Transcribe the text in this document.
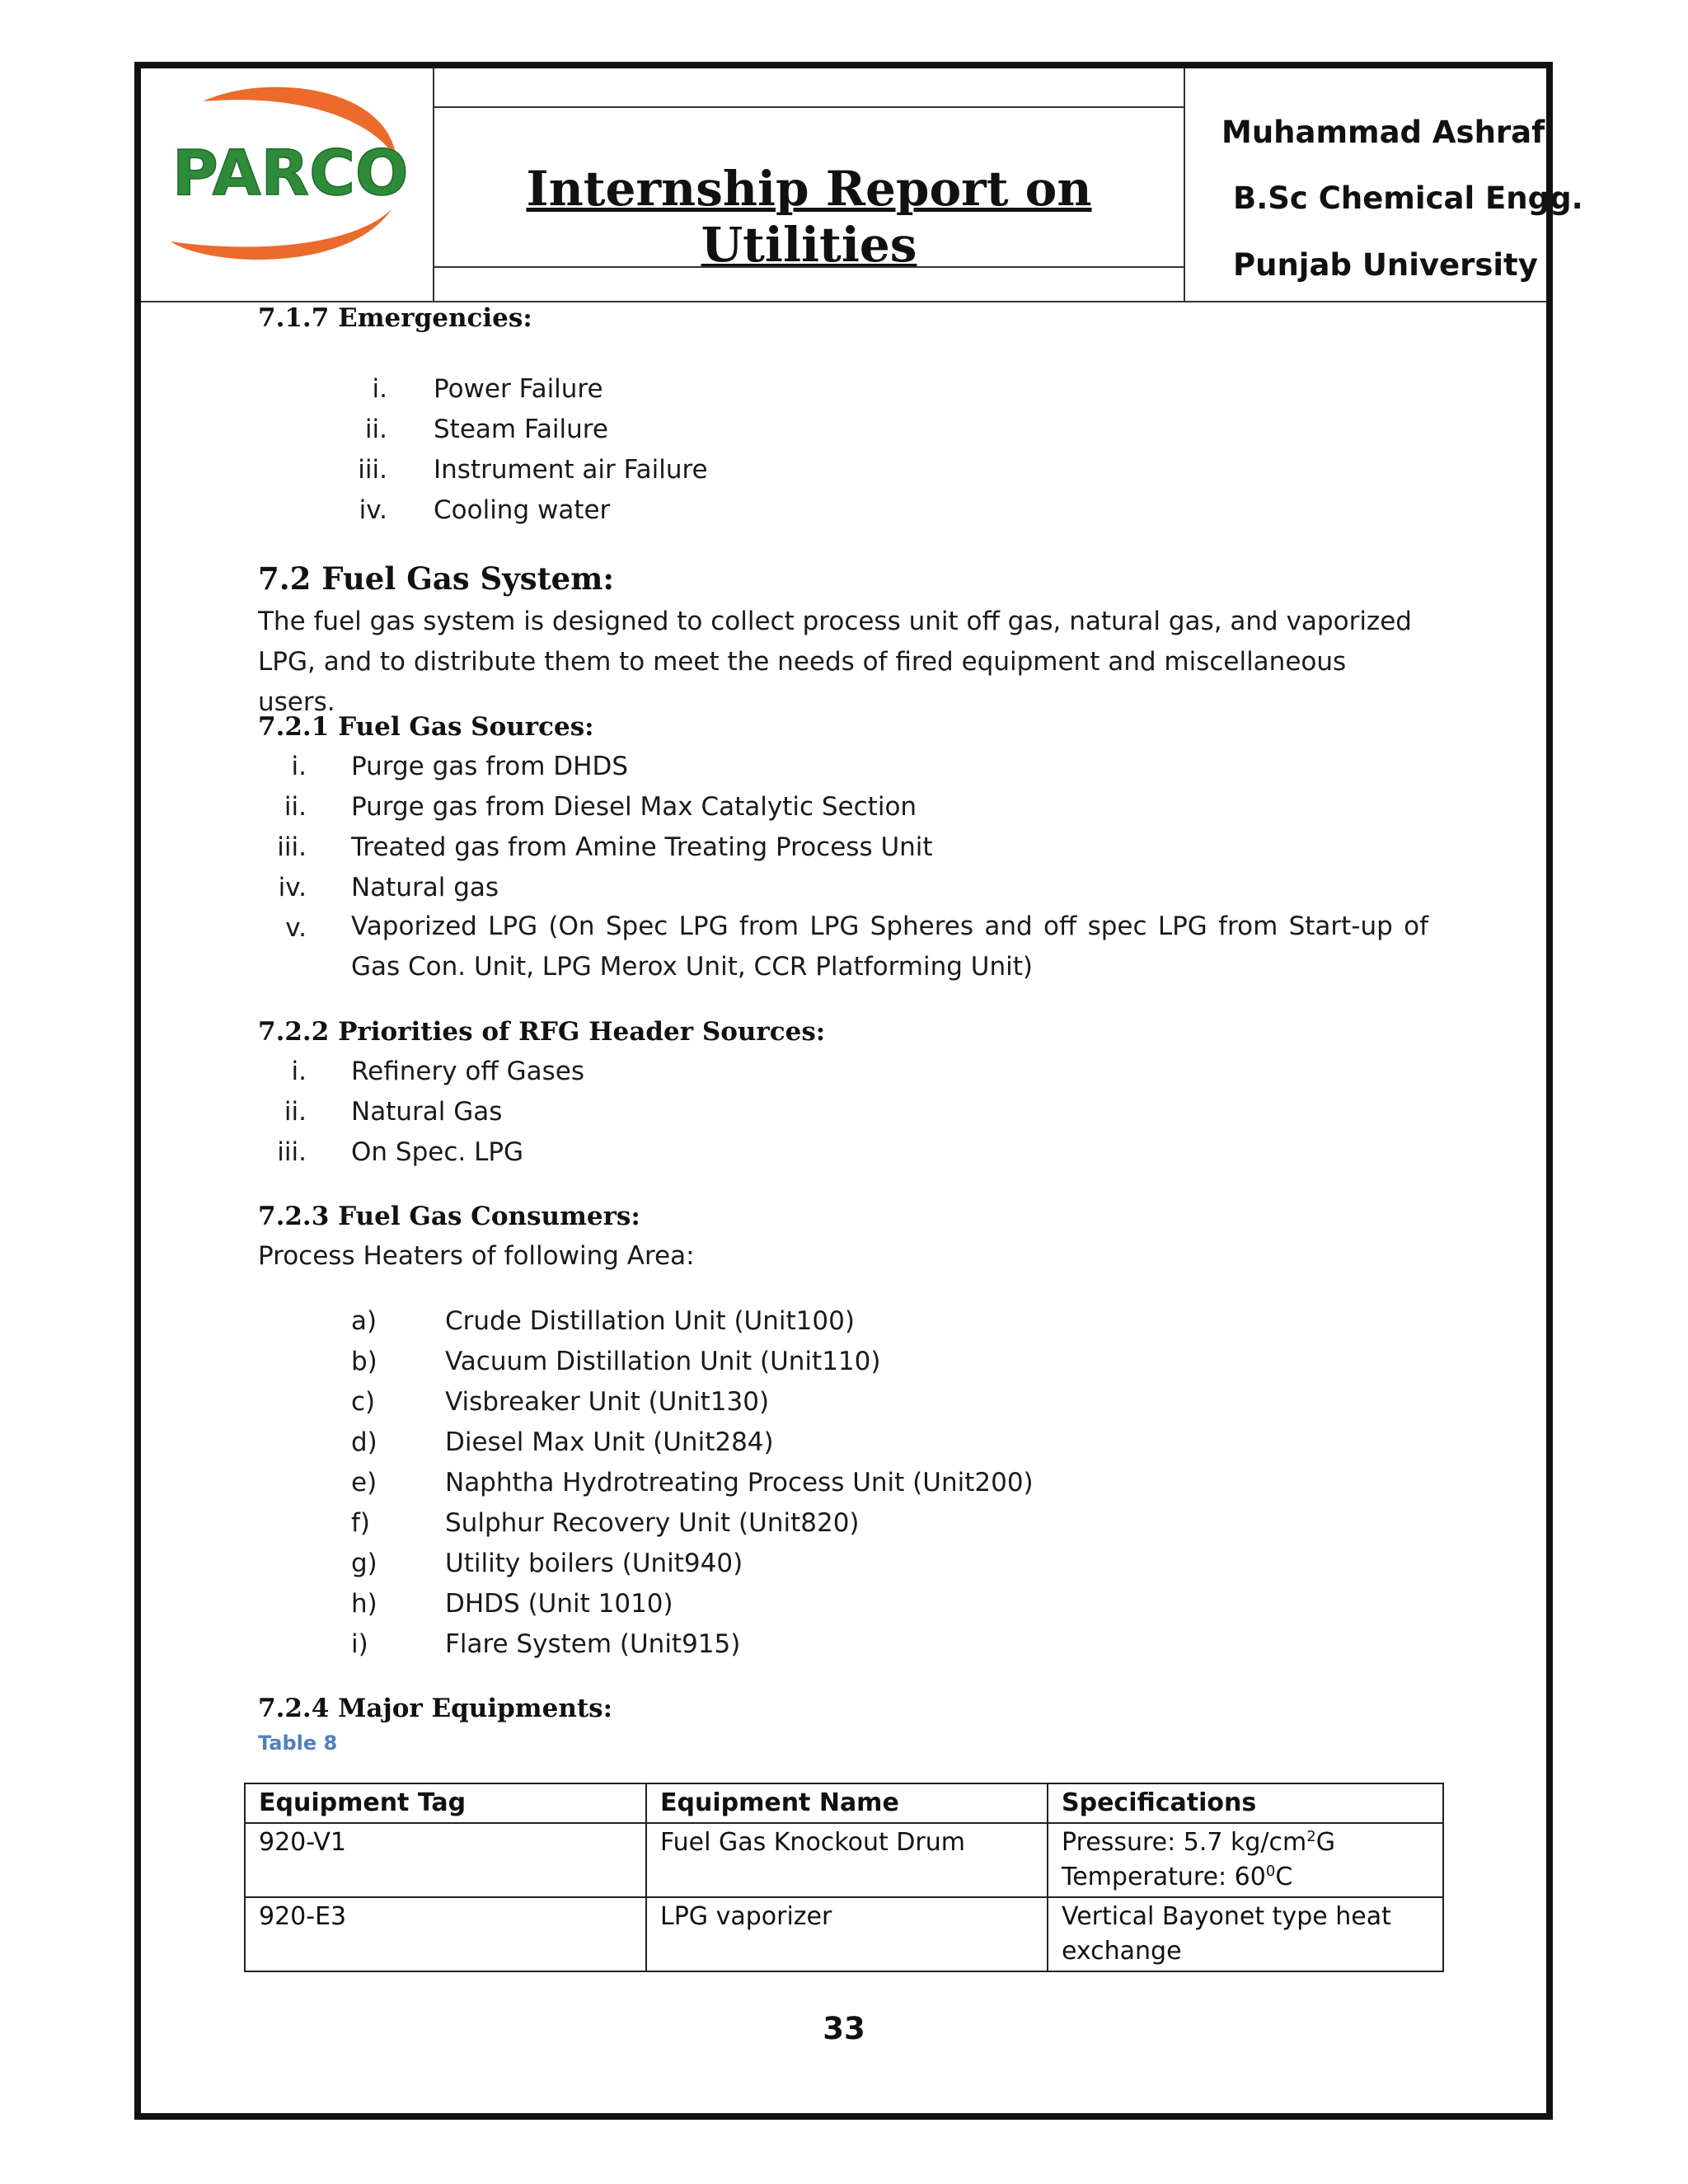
PARCO	Internship Report on Utilities
Muhammad Ashraf
B.Sc Chemical Engg.
Punjab University
7.1.7 Emergencies:
i. Power Failure
ii. Steam Failure
iii. Instrument air Failure
iv. Cooling water
7.2 Fuel Gas System:
The fuel gas system is designed to collect process unit off gas, natural gas, and vaporized LPG, and to distribute them to meet the needs of fired equipment and miscellaneous users.
7.2.1 Fuel Gas Sources:
i. Purge gas from DHDS
ii. Purge gas from Diesel Max Catalytic Section
iii. Treated gas from Amine Treating Process Unit
iv. Natural gas
v. Vaporized LPG (On Spec LPG from LPG Spheres and off spec LPG from Start-up of Gas Con. Unit, LPG Merox Unit, CCR Platforming Unit)
7.2.2 Priorities of RFG Header Sources:
i. Refinery off Gases
ii. Natural Gas
iii. On Spec. LPG
7.2.3 Fuel Gas Consumers:
Process Heaters of following Area:
a)	Crude Distillation Unit (Unit100)
b)	Vacuum Distillation Unit (Unit110)
c)	Visbreaker Unit (Unit130)
d)	Diesel Max Unit (Unit284)
e)	Naphtha Hydrotreating Process Unit (Unit200)
f)	Sulphur Recovery Unit (Unit820)
g)	Utility boilers (Unit940)
h)	DHDS (Unit 1010)
i)	Flare System (Unit915)
7.2.4 Major Equipments:
Table 8
Equipment Tag	Equipment Name	Specifications
920-V1	Fuel Gas Knockout Drum	Pressure: 5.7 $kg/cm^2G$
Temperature: $60^0C$

920-E3	LPG vaporizer	Vertical Bayonet type heat exchange
33
